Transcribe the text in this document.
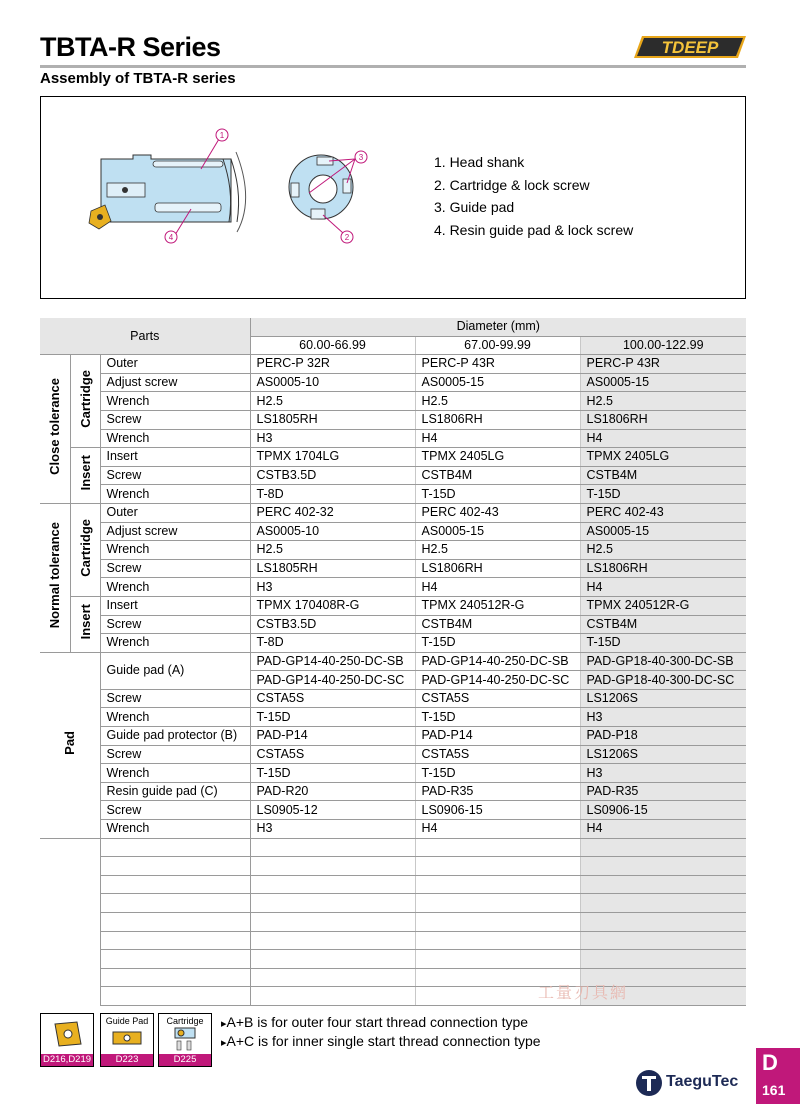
TBTA-R Series	TDEEP
Assembly of TBTA-R series
1
4
3
2
1. Head shank
2. Cartridge & lock screw
3. Guide pad
4. Resin guide pad & lock screw
Parts			Diameter (mm)		
			60.00-66.99	67.00-99.99	100.00-122.99
Close tolerance	Cartridge	Outer	PERC-P 32R	PERC-P 43R	PERC-P 43R
		Adjust screw	AS0005-10	AS0005-15	AS0005-15
		Wrench	H2.5	H2.5	H2.5
		Screw	LS1805RH	LS1806RH	LS1806RH
		Wrench	H3	H4	H4
	Insert	Insert	TPMX 1704LG	TPMX 2405LG	TPMX 2405LG
		Screw	CSTB3.5D	CSTB4M	CSTB4M
		Wrench	T-8D	T-15D	T-15D
Normal tolerance	Cartridge	Outer	PERC 402-32	PERC 402-43	PERC 402-43
		Adjust screw	AS0005-10	AS0005-15	AS0005-15
		Wrench	H2.5	H2.5	H2.5
		Screw	LS1805RH	LS1806RH	LS1806RH
		Wrench	H3	H4	H4
	Insert	Insert	TPMX 170408R-G	TPMX 240512R-G	TPMX 240512R-G
		Screw	CSTB3.5D	CSTB4M	CSTB4M
		Wrench	T-8D	T-15D	T-15D
Pad		Guide pad (A)	PAD-GP14-40-250-DC-SB	PAD-GP14-40-250-DC-SB	PAD-GP18-40-300-DC-SB
			PAD-GP14-40-250-DC-SC	PAD-GP14-40-250-DC-SC	PAD-GP18-40-300-DC-SC
		Screw	CSTA5S	CSTA5S	LS1206S
		Wrench	T-15D	T-15D	H3
		Guide pad protector (B)	PAD-P14	PAD-P14	PAD-P18
		Screw	CSTA5S	CSTA5S	LS1206S
		Wrench	T-15D	T-15D	H3
		Resin guide pad (C)	PAD-R20	PAD-R35	PAD-R35
		Screw	LS0905-12	LS0906-15	LS0906-15
		Wrench	H3	H4	H4

D216,D219
Guide Pad
D223
Cartridge
D225
▸ A+B is for outer four start thread connection type
▸ A+C is for inner single start thread connection type
工量刃具網
TaeguTec
D
161
